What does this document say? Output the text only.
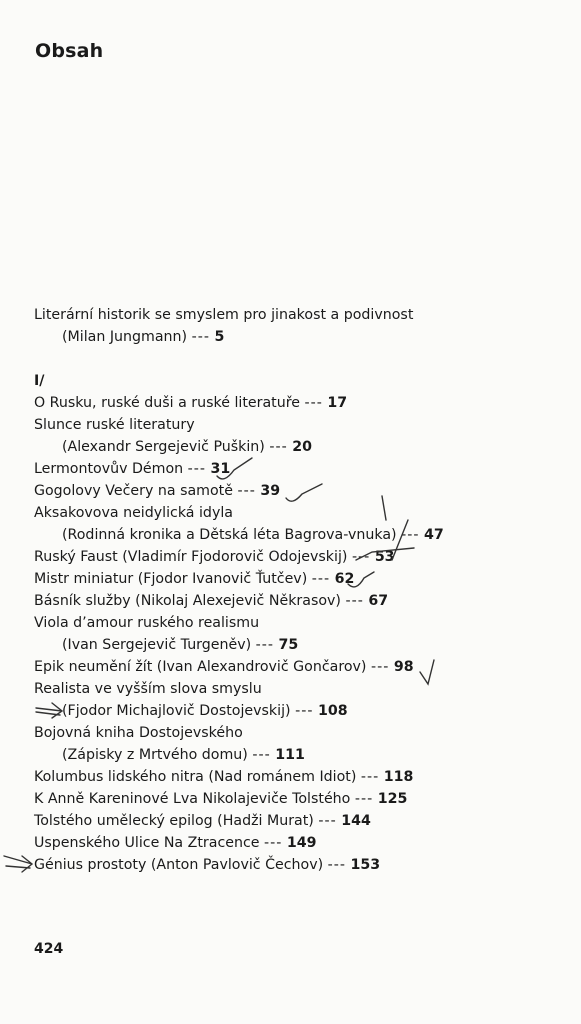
Obsah
Literární historik se smyslem pro jinakost a podivnost
(Milan Jungmann) --- 5
I/
O Rusku, ruské duši a ruské literatuře --- 17
Slunce ruské literatury
(Alexandr Sergejevič Puškin) --- 20
Lermontovův Démon --- 31
Gogolovy Večery na samotě --- 39
Aksakovova neidylická idyla
(Rodinná kronika a Dětská léta Bagrova-vnuka) --- 47
Ruský Faust (Vladimír Fjodorovič Odojevskij) --- 53
Mistr miniatur (Fjodor Ivanovič Ťutčev) --- 62
Básník služby (Nikolaj Alexejevič Někrasov) --- 67
Viola d’amour ruského realismu
(Ivan Sergejevič Turgeněv) --- 75
Epik neumění žít (Ivan Alexandrovič Gončarov) --- 98
Realista ve vyšším slova smyslu
(Fjodor Michajlovič Dostojevskij) --- 108
Bojovná kniha Dostojevského
(Zápisky z Mrtvého domu) --- 111
Kolumbus lidského nitra (Nad románem Idiot) --- 118
K Anně Kareninové Lva Nikolajeviče Tolstého --- 125
Tolstého umělecký epilog (Hadži Murat) --- 144
Uspenského Ulice Na Ztracence --- 149
Génius prostoty (Anton Pavlovič Čechov) --- 153
424
